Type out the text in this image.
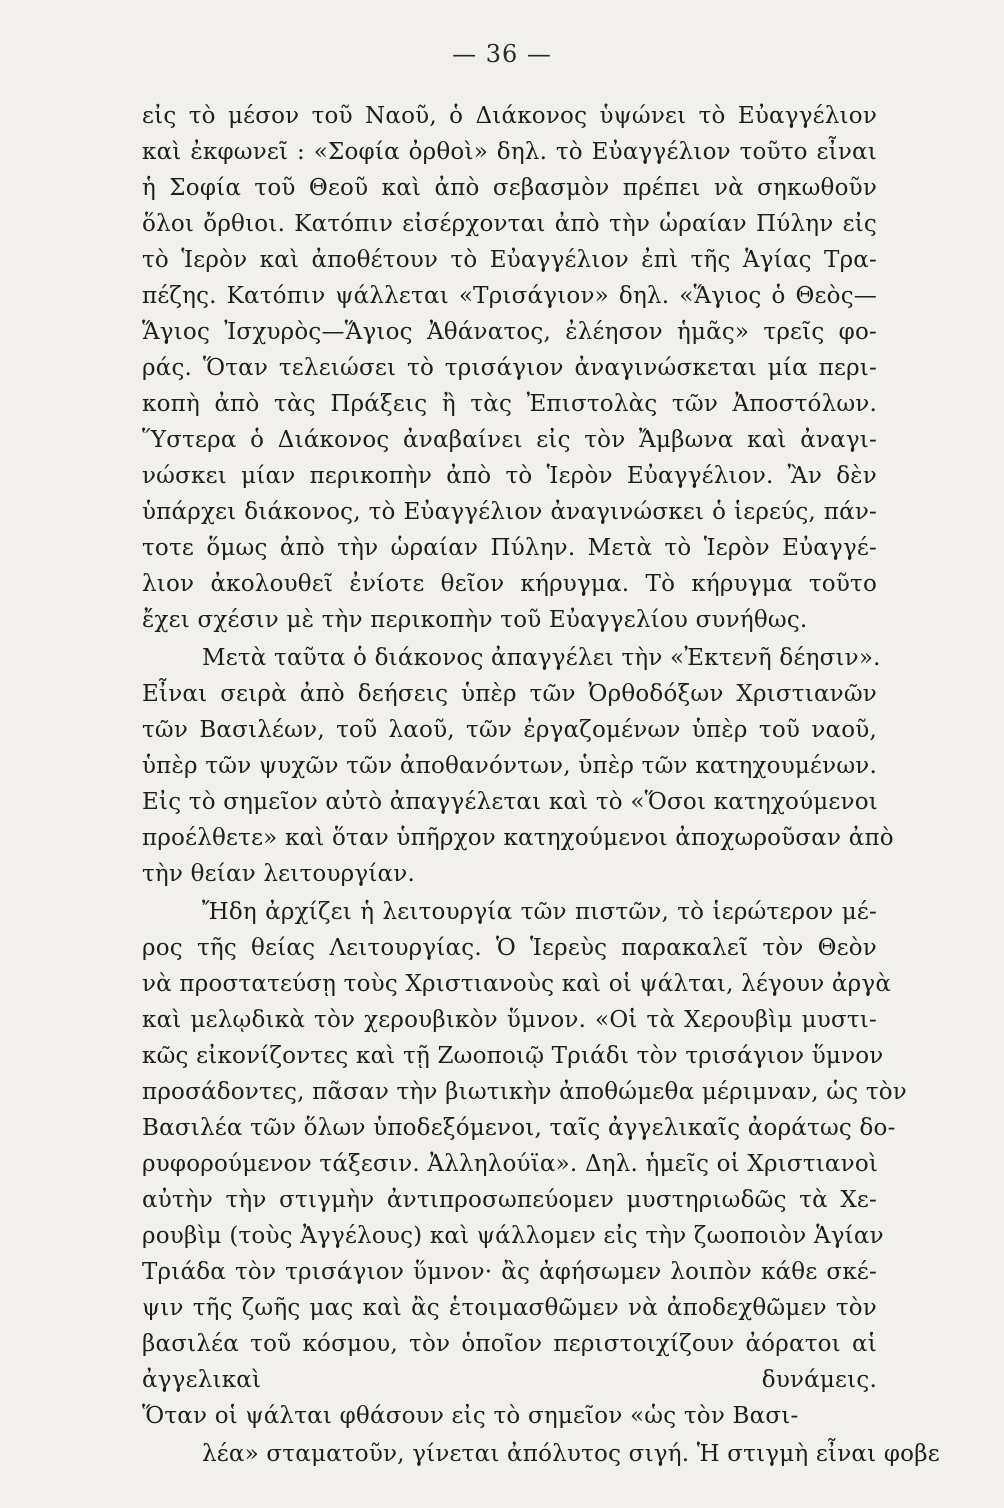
— 36 —
εἰς τὸ μέσον τοῦ Ναοῦ, ὁ Διάκονος ὑψώνει τὸ Εὐαγγέλιον
καὶ ἐκφωνεῖ : «Σοφία ὀρθοὶ» δηλ. τὸ Εὐαγγέλιον τοῦτο εἶναι
ἡ Σοφία τοῦ Θεοῦ καὶ ἀπὸ σεβασμὸν πρέπει νὰ σηκωθοῦν
ὅλοι ὄρθιοι. Κατόπιν εἰσέρχονται ἀπὸ τὴν ὡραίαν Πύλην εἰς
τὸ Ἱερὸν καὶ ἀποθέτουν τὸ Εὐαγγέλιον ἐπὶ τῆς Ἁγίας Τρα-
πέζης. Κατόπιν ψάλλεται «Τρισάγιον» δηλ. «Ἅγιος ὁ Θεὸς—
Ἅγιος Ἰσχυρὸς—Ἅγιος Ἀθάνατος, ἐλέησον ἡμᾶς» τρεῖς φο-
ράς. Ὅταν τελειώσει τὸ τρισάγιον ἀναγινώσκεται μία περι-
κοπὴ ἀπὸ τὰς Πράξεις ἢ τὰς Ἐπιστολὰς τῶν Ἀποστόλων.
Ὕστερα ὁ Διάκονος ἀναβαίνει εἰς τὸν Ἄμβωνα καὶ ἀναγι-
νώσκει μίαν περικοπὴν ἀπὸ τὸ Ἱερὸν Εὐαγγέλιον. Ἂν δὲν
ὑπάρχει διάκονος, τὸ Εὐαγγέλιον ἀναγινώσκει ὁ ἱερεύς, πάν-
τοτε ὅμως ἀπὸ τὴν ὡραίαν Πύλην. Μετὰ τὸ Ἱερὸν Εὐαγγέ-
λιον ἀκολουθεῖ ἐνίοτε θεῖον κήρυγμα. Τὸ κήρυγμα τοῦτο
ἔχει σχέσιν μὲ τὴν περικοπὴν τοῦ Εὐαγγελίου συνήθως.
Μετὰ ταῦτα ὁ διάκονος ἀπαγγέλει τὴν «Ἐκτενῆ δέησιν».
Εἶναι σειρὰ ἀπὸ δεήσεις ὑπὲρ τῶν Ὀρθοδόξων Χριστιανῶν
τῶν Βασιλέων, τοῦ λαοῦ, τῶν ἐργαζομένων ὑπὲρ τοῦ ναοῦ,
ὑπὲρ τῶν ψυχῶν τῶν ἀποθανόντων, ὑπὲρ τῶν κατηχουμένων.
Εἰς τὸ σημεῖον αὐτὸ ἀπαγγέλεται καὶ τὸ «Ὅσοι κατηχούμενοι
προέλθετε» καὶ ὅταν ὑπῆρχον κατηχούμενοι ἀποχωροῦσαν ἀπὸ
τὴν θείαν λειτουργίαν.
Ἤδη ἀρχίζει ἡ λειτουργία τῶν πιστῶν, τὸ ἱερώτερον μέ-
ρος τῆς θείας Λειτουργίας. Ὁ Ἱερεὺς παρακαλεῖ τὸν Θεὸν
νὰ προστατεύσῃ τοὺς Χριστιανοὺς καὶ οἱ ψάλται, λέγουν ἀργὰ
καὶ μελῳδικὰ τὸν χερουβικὸν ὕμνον. «Οἱ τὰ Χερουβὶμ μυστι-
κῶς εἰκονίζοντες καὶ τῇ Ζωοποιῷ Τριάδι τὸν τρισάγιον ὕμνον
προσάδοντες, πᾶσαν τὴν βιωτικὴν ἀποθώμεθα μέριμναν, ὡς τὸν
Βασιλέα τῶν ὅλων ὑποδεξόμενοι, ταῖς ἀγγελικαῖς ἀοράτως δο-
ρυφορούμενον τάξεσιν. Ἀλληλούϊα». Δηλ. ἡμεῖς οἱ Χριστιανοὶ
αὐτὴν τὴν στιγμὴν ἀντιπροσωπεύομεν μυστηριωδῶς τὰ Χε-
ρουβὶμ (τοὺς Ἀγγέλους) καὶ ψάλλομεν εἰς τὴν ζωοποιὸν Ἁγίαν
Τριάδα τὸν τρισάγιον ὕμνον· ἂς ἀφήσωμεν λοιπὸν κάθε σκέ-
ψιν τῆς ζωῆς μας καὶ ἂς ἑτοιμασθῶμεν νὰ ἀποδεχθῶμεν τὸν
βασιλέα τοῦ κόσμου, τὸν ὁποῖον περιστοιχίζουν ἀόρατοι αἱ
ἀγγελικαὶ δυνάμεις.
Ὅταν οἱ ψάλται φθάσουν εἰς τὸ σημεῖον «ὡς τὸν Βασι-
λέα» σταματοῦν, γίνεται ἀπόλυτος σιγή. Ἡ στιγμὴ εἶναι φοβε
